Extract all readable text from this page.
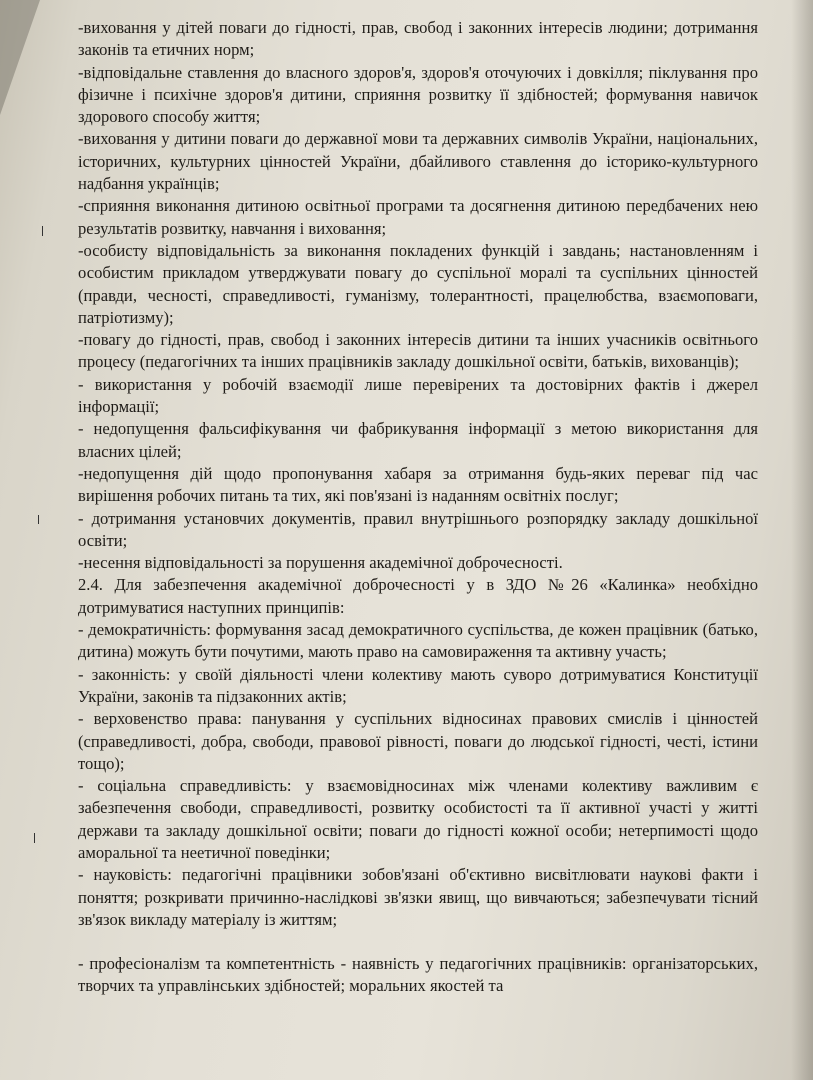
-виховання у дітей поваги до гідності, прав, свобод і законних інтересів людини; дотримання законів та етичних норм;

-відповідальне ставлення до власного здоров'я, здоров'я оточуючих і довкілля; піклування про фізичне і психічне здоров'я дитини, сприяння розвитку її здібностей; формування навичок здорового способу життя;

-виховання у дитини поваги до державної мови та державних символів України, національних, історичних, культурних цінностей України, дбайливого ставлення до історико-культурного надбання українців;

-сприяння виконання дитиною освітньої програми та досягнення дитиною передбачених нею результатів розвитку, навчання і виховання;

-особисту відповідальність за виконання покладених функцій і завдань; настановленням і особистим прикладом утверджувати повагу до суспільної моралі та суспільних цінностей (правди, чесності, справедливості, гуманізму, толерантності, працелюбства, взаємоповаги, патріотизму);

-повагу до гідності, прав, свобод і законних інтересів дитини та інших учасників освітнього процесу (педагогічних та інших працівників закладу дошкільної освіти, батьків, вихованців);

- використання у робочій взаємодії лише перевірених та достовірних фактів і джерел інформації;

- недопущення фальсифікування чи фабрикування інформації з метою використання для власних цілей;

-недопущення дій щодо пропонування хабаря за отримання будь-яких переваг під час вирішення робочих питань та тих, які пов'язані із наданням освітніх послуг;

- дотримання установчих документів, правил внутрішнього розпорядку закладу дошкільної освіти;

-несення відповідальності за порушення академічної доброчесності.

2.4. Для забезпечення академічної доброчесності у в ЗДО №26 «Калинка» необхідно дотримуватися наступних принципів:

- демократичність: формування засад демократичного суспільства, де кожен працівник (батько, дитина) можуть бути почутими, мають право на самовираження та активну участь;

- законність: у своїй діяльності члени колективу мають суворо дотримуватися Конституції України, законів та підзаконних актів;

- верховенство права: панування у суспільних відносинах правових смислів і цінностей (справедливості, добра, свободи, правової рівності, поваги до людської гідності, честі, істини тощо);

- соціальна справедливість: у взаємовідносинах між членами колективу важливим є забезпечення свободи, справедливості, розвитку особистості та її активної участі у житті держави та закладу дошкільної освіти; поваги до гідності кожної особи; нетерпимості щодо аморальної та неетичної поведінки;

- науковість: педагогічні працівники зобов'язані об'єктивно висвітлювати наукові факти і поняття; розкривати причинно-наслідкові зв'язки явищ, що вивчаються; забезпечувати тісний зв'язок викладу матеріалу із життям;

- професіоналізм та компетентність - наявність у педагогічних працівників: організаторських, творчих та управлінських здібностей; моральних якостей та
